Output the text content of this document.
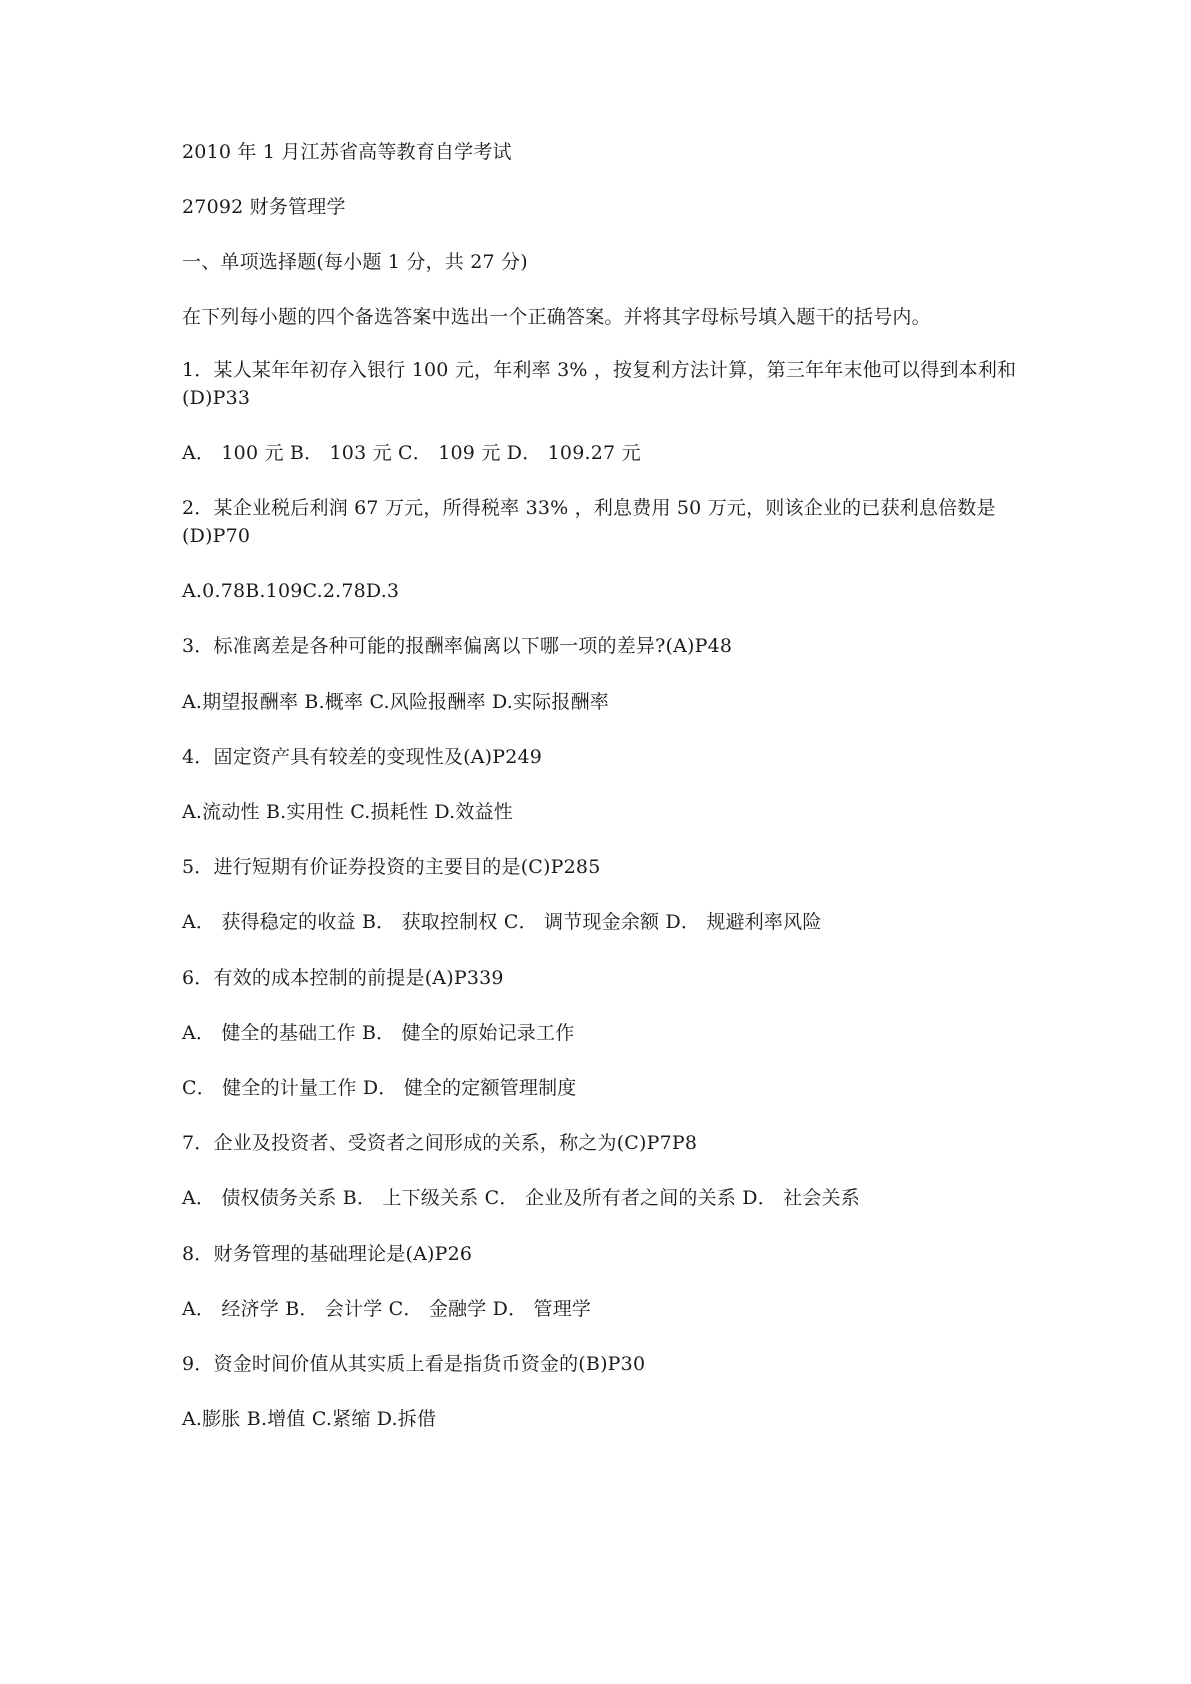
2010 年 1 月江苏省高等教育自学考试
27092 财务管理学
一、单项选择题(每小题 1 分，共 27 分)
在下列每小题的四个备选答案中选出一个正确答案。并将其字母标号填入题干的括号内。
1．某人某年年初存入银行 100 元，年利率 3% ，按复利方法计算，第三年年末他可以得到本利和(D)P33
A． 100 元 B． 103 元 C． 109 元 D． 109.27 元
2．某企业税后利润 67 万元，所得税率 33% ，利息费用 50 万元，则该企业的已获利息倍数是(D)P70
A.0.78B.109C.2.78D.3
3．标准离差是各种可能的报酬率偏离以下哪一项的差异?(A)P48
A.期望报酬率 B.概率 C.风险报酬率 D.实际报酬率
4．固定资产具有较差的变现性及(A)P249
A.流动性 B.实用性 C.损耗性 D.效益性
5．进行短期有价证券投资的主要目的是(C)P285
A． 获得稳定的收益 B． 获取控制权 C． 调节现金余额 D． 规避利率风险
6．有效的成本控制的前提是(A)P339
A． 健全的基础工作 B． 健全的原始记录工作
C． 健全的计量工作 D． 健全的定额管理制度
7．企业及投资者、受资者之间形成的关系，称之为(C)P7P8
A． 债权债务关系 B． 上下级关系 C． 企业及所有者之间的关系 D． 社会关系
8．财务管理的基础理论是(A)P26
A． 经济学 B． 会计学 C． 金融学 D． 管理学
9．资金时间价值从其实质上看是指货币资金的(B)P30
A.膨胀 B.增值 C.紧缩 D.拆借
